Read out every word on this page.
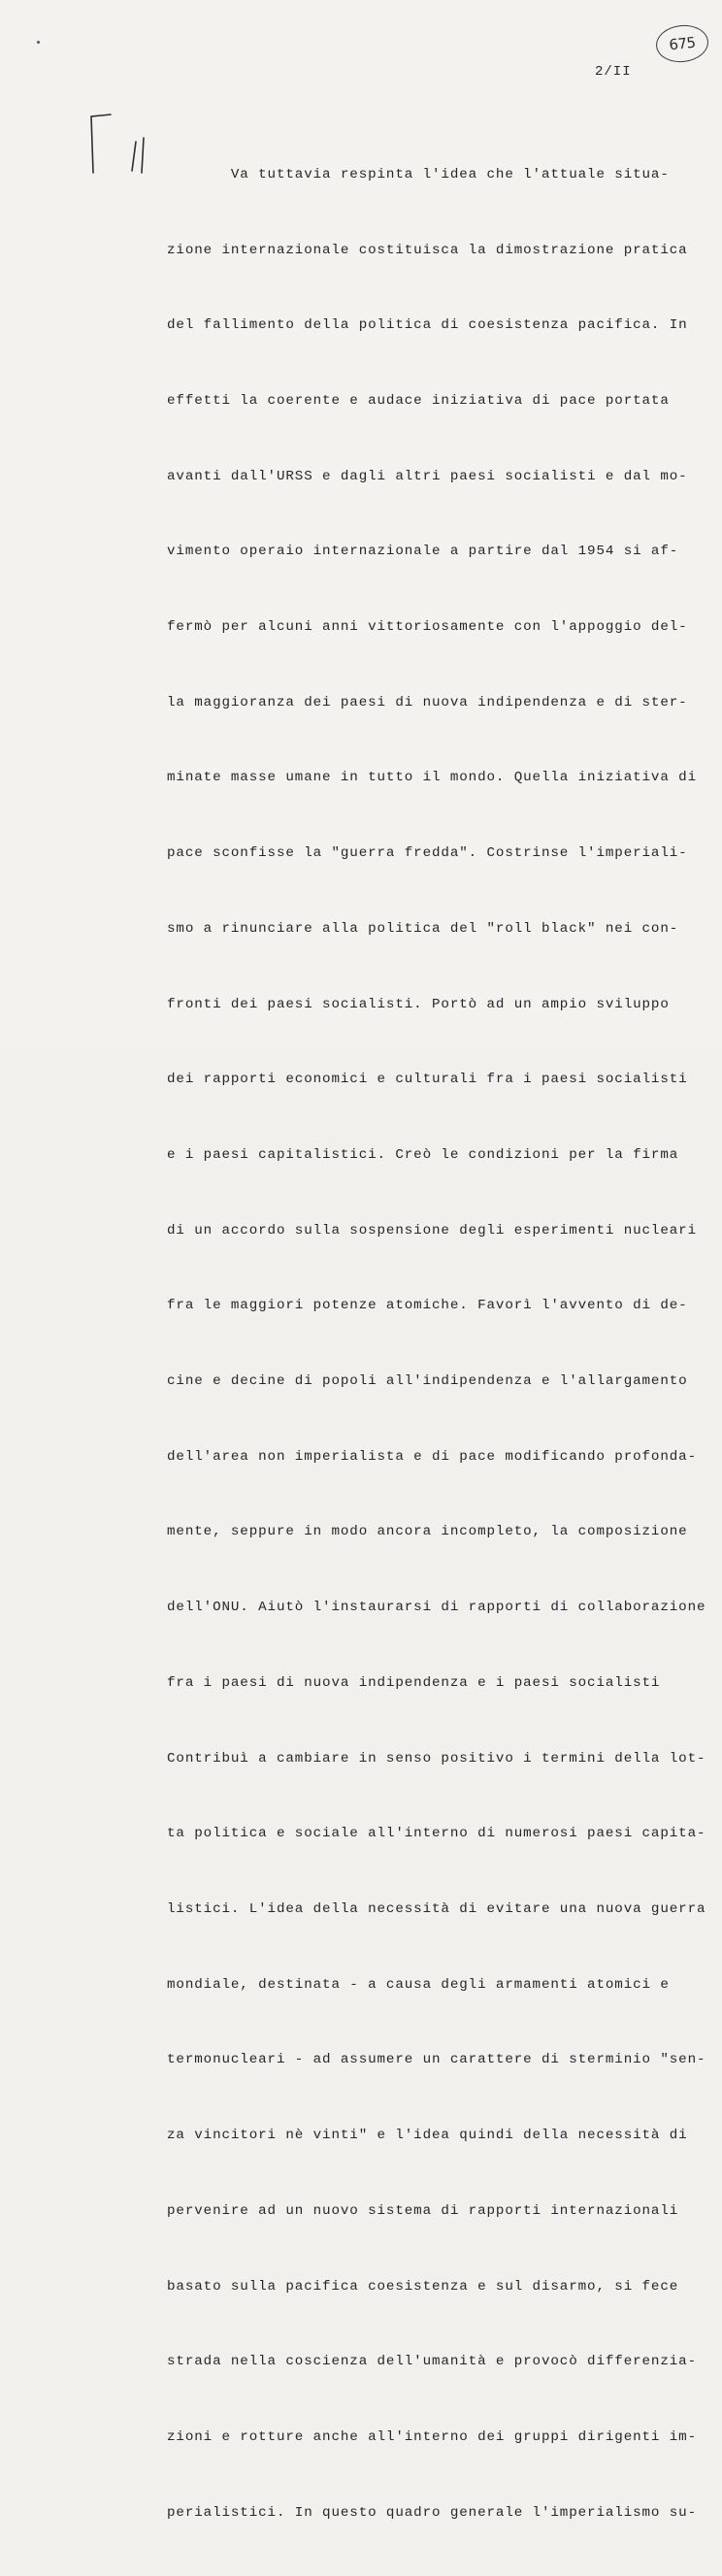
675
2/II

Va tuttavia respinta l'idea che l'attuale situa-

zione internazionale costituisca la dimostrazione pratica

del fallimento della politica di coesistenza pacifica. In

effetti la coerente e audace iniziativa di pace portata

avanti dall'URSS e dagli altri paesi socialisti e dal mo-

vimento operaio internazionale a partire dal 1954 si af-

fermò per alcuni anni vittoriosamente con l'appoggio del-

la maggioranza dei paesi di nuova indipendenza e di ster-

minate masse umane in tutto il mondo. Quella iniziativa di

pace sconfisse la "guerra fredda". Costrinse l'imperiali-

smo a rinunciare alla politica del "roll black" nei con-

fronti dei paesi socialisti. Portò ad un ampio sviluppo

dei rapporti economici e culturali fra i paesi socialisti

e i paesi capitalistici. Creò le condizioni per la firma

di un accordo sulla sospensione degli esperimenti nucleari

fra le maggiori potenze atomiche. Favorì l'avvento di de-

cine e decine di popoli all'indipendenza e l'allargamento

dell'area non imperialista e di pace modificando profonda-

mente, seppure in modo ancora incompleto, la composizione

dell'ONU. Aiutò l'instaurarsi di rapporti di collaborazione

fra i paesi di nuova indipendenza e i paesi socialisti

Contribuì a cambiare in senso positivo i termini della lot-

ta politica e sociale all'interno di numerosi paesi capita-

listici. L'idea della necessità di evitare una nuova guerra

mondiale, destinata - a causa degli armamenti atomici e

termonucleari - ad assumere un carattere di sterminio "sen-

za vincitori nè vinti" e l'idea quindi della necessità di

pervenire ad un nuovo sistema di rapporti internazionali

basato sulla pacifica coesistenza e sul disarmo, si fece

strada nella coscienza dell'umanità e provocò differenzia-

zioni e rotture anche all'interno dei gruppi dirigenti im-

perialistici. In questo quadro generale l'imperialismo su-
